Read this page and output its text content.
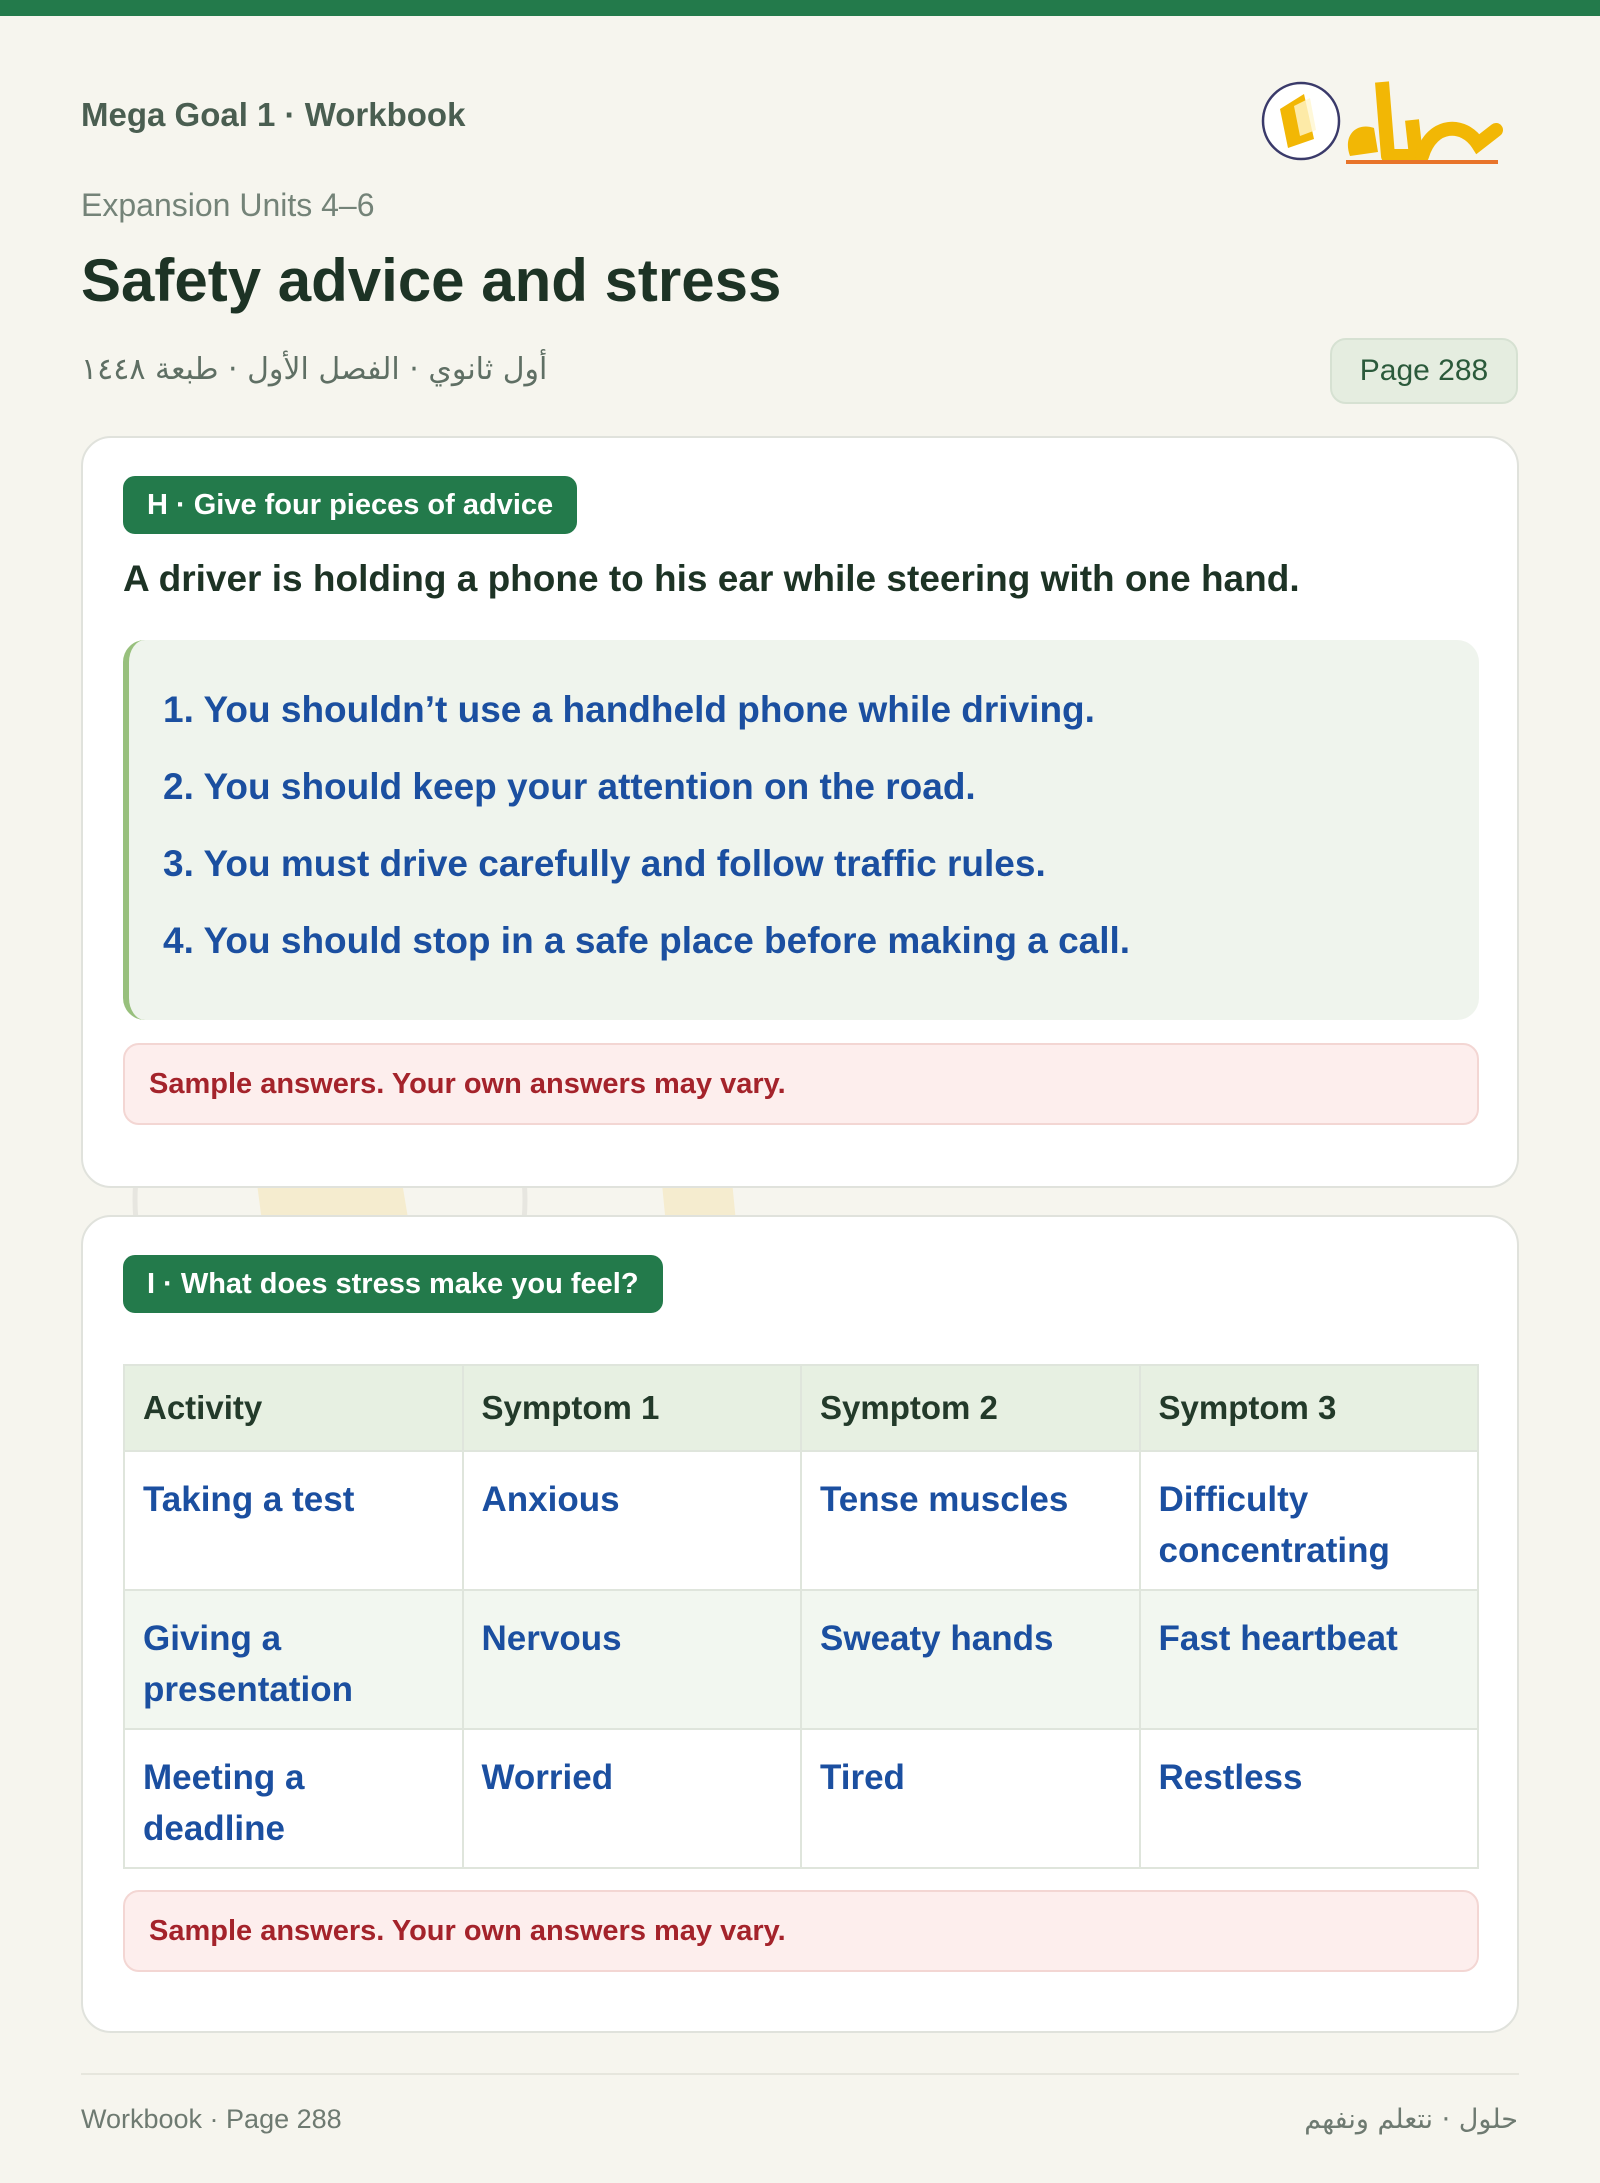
Mega Goal 1 · Workbook
Expansion Units 4–6
Safety advice and stress
أول ثانوي · الفصل الأول · طبعة ١٤٤٨	Page 288
H · Give four pieces of advice
A driver is holding a phone to his ear while steering with one hand.
1. You shouldn’t use a handheld phone while driving.
2. You should keep your attention on the road.
3. You must drive carefully and follow traffic rules.
4. You should stop in a safe place before making a call.
Sample answers. Your own answers may vary.
I · What does stress make you feel?
Activity	Symptom 1	Symptom 2	Symptom 3
Taking a test	Anxious	Tense muscles	Difficulty concentrating
Giving a presentation	Nervous	Sweaty hands	Fast heartbeat
Meeting a deadline	Worried	Tired	Restless
Sample answers. Your own answers may vary.
Workbook · Page 288	حلول · نتعلم ونفهم
